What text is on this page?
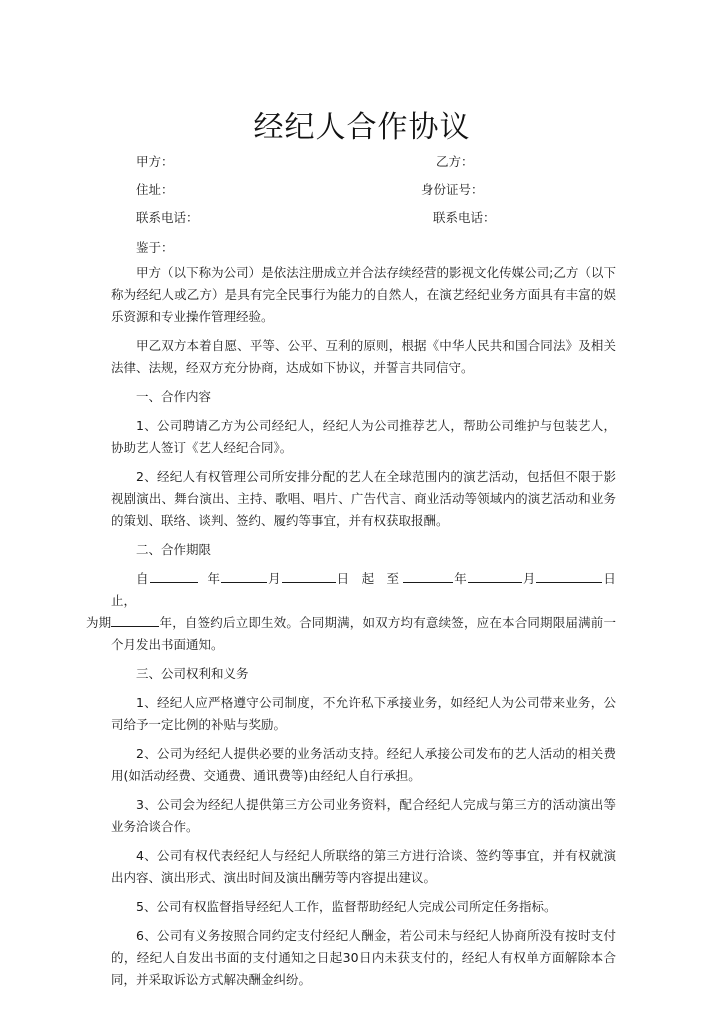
经纪人合作协议
甲方：	乙方：
住址：	身份证号：
联系电话：	联系电话：
鉴于：

甲方（以下称为公司）是依法注册成立并合法存续经营的影视文化传媒公司;乙方（以下称为经纪人或乙方）是具有完全民事行为能力的自然人，在演艺经纪业务方面具有丰富的娱乐资源和专业操作管理经验。

甲乙双方本着自愿、平等、公平、互利的原则，根据《中华人民共和国合同法》及相关法律、法规，经双方充分协商，达成如下协议，并誓言共同信守。

一、合作内容

1、公司聘请乙方为公司经纪人，经纪人为公司推荐艺人，帮助公司维护与包装艺人，协助艺人签订《艺人经纪合同》。

2、经纪人有权管理公司所安排分配的艺人在全球范围内的演艺活动，包括但不限于影视剧演出、舞台演出、主持、歌唱、唱片、广告代言、商业活动等领域内的演艺活动和业务的策划、联络、谈判、签约、履约等事宜，并有权获取报酬。

二、合作期限

自	年	月	日 起 至	年	月	日止，
为期	年，自签约后立即生效。合同期满，如双方均有意续签，应在本合同期限届满前一个月发出书面通知。

三、公司权利和义务

1、经纪人应严格遵守公司制度，不允许私下承接业务，如经纪人为公司带来业务，公司给予一定比例的补贴与奖励。

2、公司为经纪人提供必要的业务活动支持。经纪人承接公司发布的艺人活动的相关费用(如活动经费、交通费、通讯费等)由经纪人自行承担。

3、公司会为经纪人提供第三方公司业务资料，配合经纪人完成与第三方的活动演出等业务洽谈合作。

4、公司有权代表经纪人与经纪人所联络的第三方进行洽谈、签约等事宜，并有权就演出内容、演出形式、演出时间及演出酬劳等内容提出建议。

5、公司有权监督指导经纪人工作，监督帮助经纪人完成公司所定任务指标。

6、公司有义务按照合同约定支付经纪人酬金，若公司未与经纪人协商所没有按时支付的，经纪人自发出书面的支付通知之日起30日内未获支付的，经纪人有权单方面解除本合同，并采取诉讼方式解决酬金纠纷。
